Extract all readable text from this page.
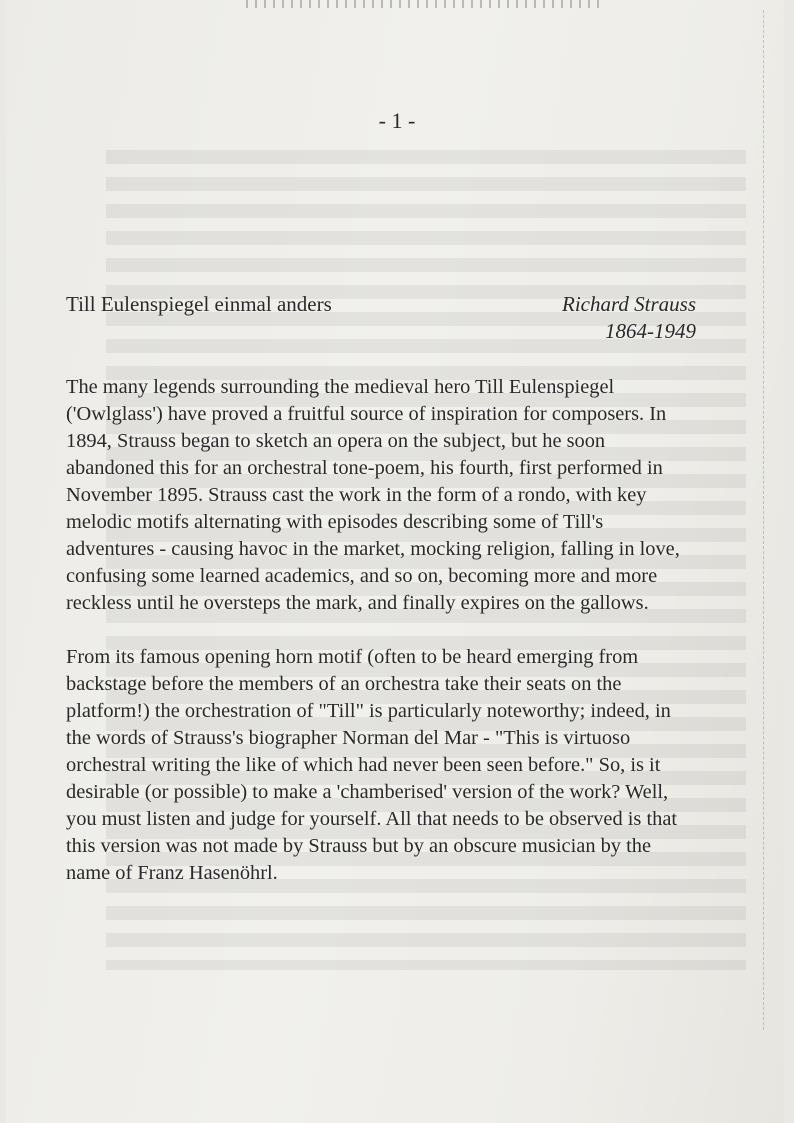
- 1 -
Till Eulenspiegel einmal anders	Richard Strauss
1864-1949

The many legends surrounding the medieval hero Till Eulenspiegel
('Owlglass') have proved a fruitful source of inspiration for composers. In
1894, Strauss began to sketch an opera on the subject, but he soon
abandoned this for an orchestral tone-poem, his fourth, first performed in
November 1895. Strauss cast the work in the form of a rondo, with key
melodic motifs alternating with episodes describing some of Till's
adventures - causing havoc in the market, mocking religion, falling in love,
confusing some learned academics, and so on, becoming more and more
reckless until he oversteps the mark, and finally expires on the gallows.

From its famous opening horn motif (often to be heard emerging from
backstage before the members of an orchestra take their seats on the
platform!) the orchestration of "Till" is particularly noteworthy; indeed, in
the words of Strauss's biographer Norman del Mar - "This is virtuoso
orchestral writing the like of which had never been seen before." So, is it
desirable (or possible) to make a 'chamberised' version of the work? Well,
you must listen and judge for yourself. All that needs to be observed is that
this version was not made by Strauss but by an obscure musician by the
name of Franz Hasenöhrl.
